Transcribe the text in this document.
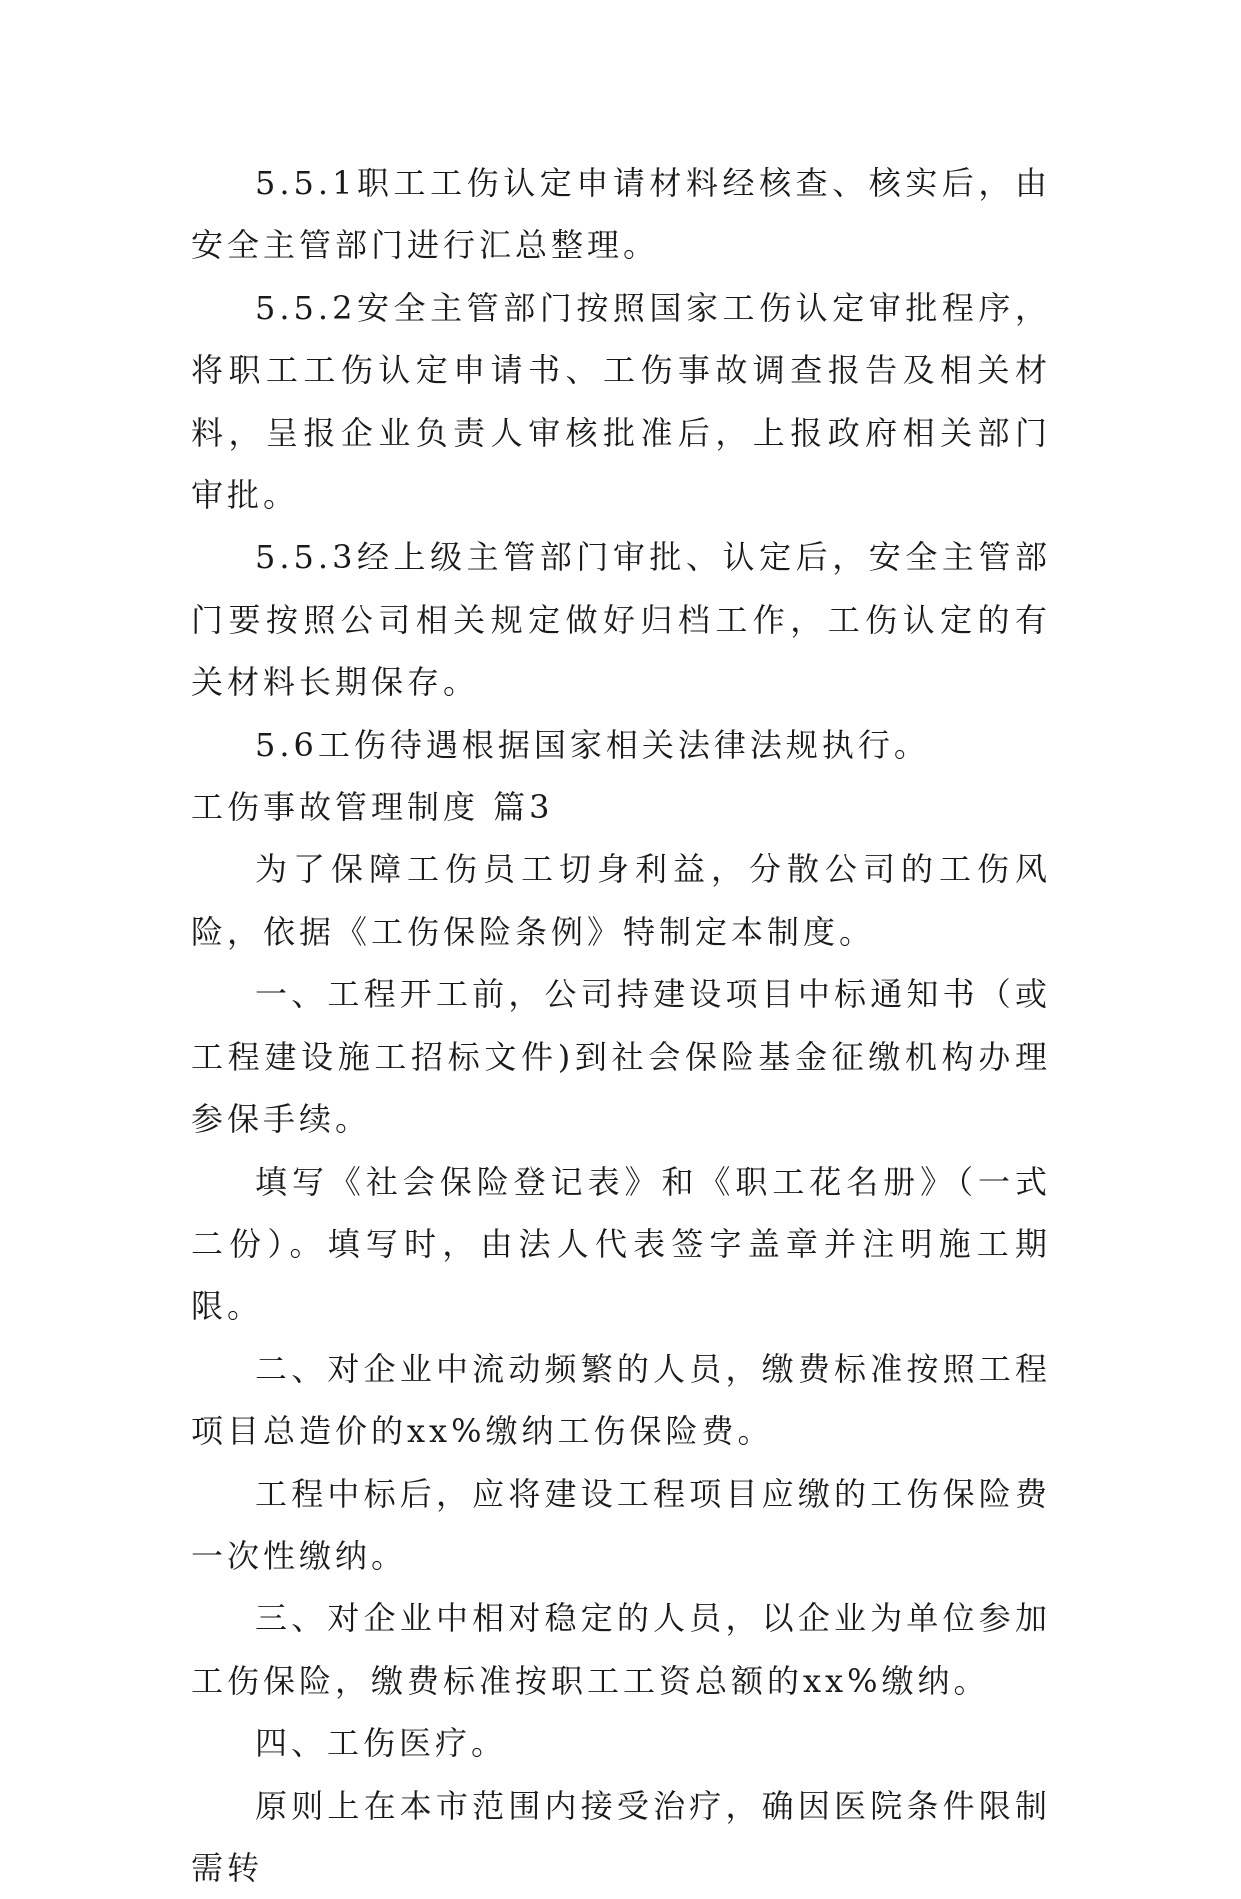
5.5.1职工工伤认定申请材料经核查、核实后，由安全主管部门进行汇总整理。

5.5.2安全主管部门按照国家工伤认定审批程序，将职工工伤认定申请书、工伤事故调查报告及相关材料，呈报企业负责人审核批准后，上报政府相关部门审批。

5.5.3经上级主管部门审批、认定后，安全主管部门要按照公司相关规定做好归档工作，工伤认定的有关材料长期保存。

5.6工伤待遇根据国家相关法律法规执行。

工伤事故管理制度 篇3

为了保障工伤员工切身利益，分散公司的工伤风险，依据《工伤保险条例》特制定本制度。

一、工程开工前，公司持建设项目中标通知书（或工程建设施工招标文件)到社会保险基金征缴机构办理参保手续。

填写《社会保险登记表》和《职工花名册》（一式二份）。填写时，由法人代表签字盖章并注明施工期限。

二、对企业中流动频繁的人员，缴费标准按照工程项目总造价的xx%缴纳工伤保险费。

工程中标后，应将建设工程项目应缴的工伤保险费一次性缴纳。

三、对企业中相对稳定的人员，以企业为单位参加工伤保险，缴费标准按职工工资总额的xx%缴纳。

四、工伤医疗。

原则上在本市范围内接受治疗，确因医院条件限制需转
